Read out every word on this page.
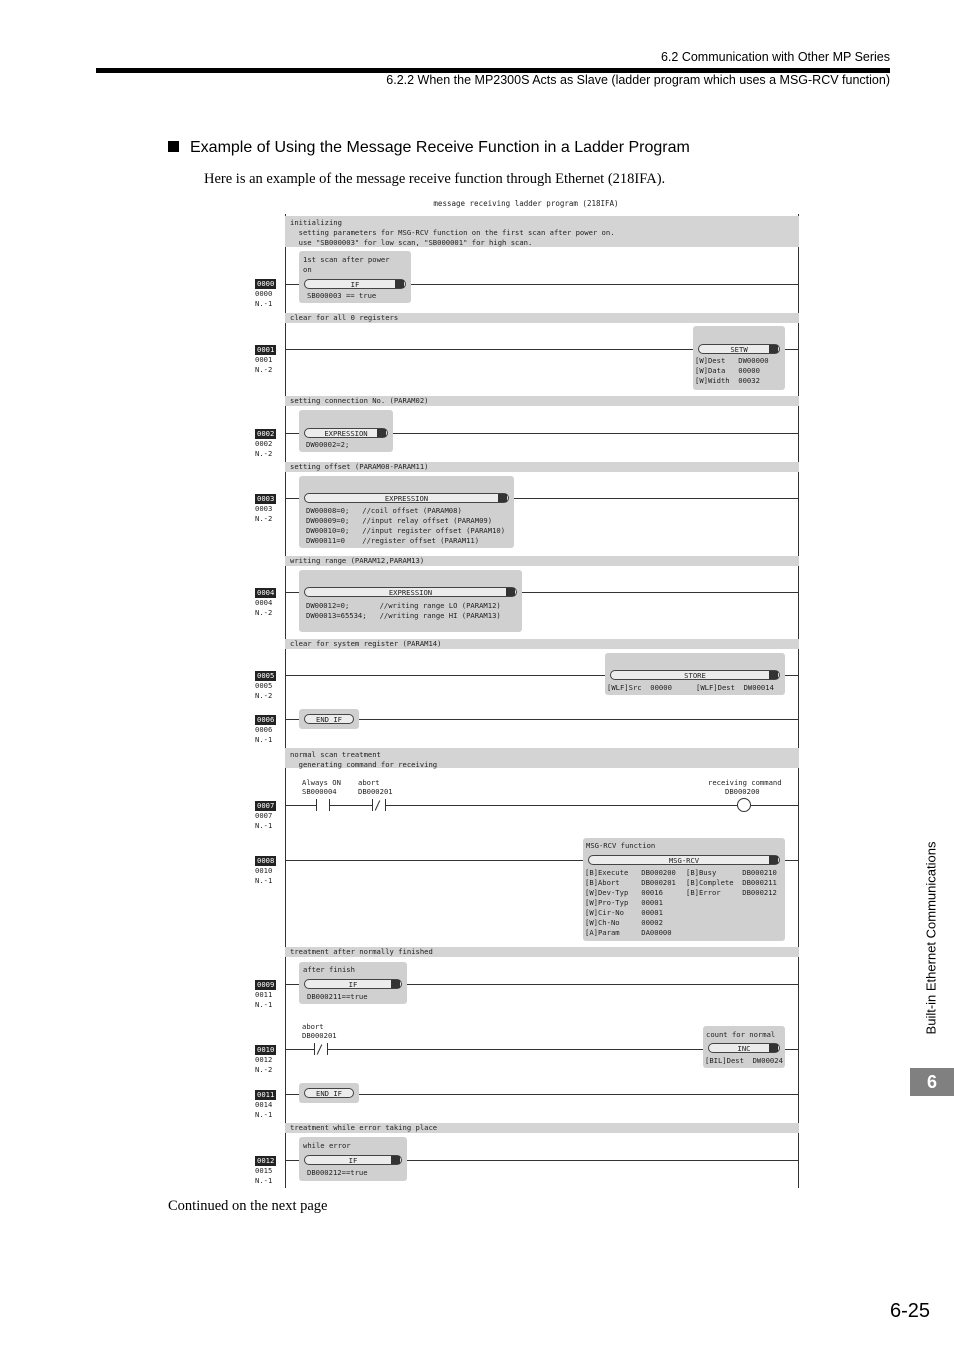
6.2 Communication with Other MP Series
6.2.2 When the MP2300S Acts as Slave (ladder program which uses a MSG-RCV function)
Example of Using the Message Receive Function in a Ladder Program
Here is an example of the message receive function through Ethernet (218IFA).
message receiving ladder program (218IFA)
initializing
setting parameters for MSG-RCV function on the first scan after power on.
use "SB000003" for low scan, "SB000001" for high scan.
clear for all 0 registers
setting connection No. (PARAM02)
setting offset (PARAM08-PARAM11)
writing range (PARAM12,PARAM13)
clear for system register (PARAM14)
normal scan treatment
generating command for receiving
treatment after normally finished
treatment while error taking place
0000
0000
N.-1
0001
0001
N.-2
0002
0002
N.-2
0003
0003
N.-2
0004
0004
N.-2
0005
0005
N.-2
0006
0006
N.-1
0007
0007
N.-1
0008
0010
N.-1
0009
0011
N.-1
0010
0012
N.-2
0011
0014
N.-1
0012
0015
N.-1
1st scan after power
on
IF
SB000003 == true
SETW
[W]Dest   DW00000
[W]Data   00000
[W]Width  00032
EXPRESSION
DW00002=2;
EXPRESSION
DW00008=0;   //coil offset (PARAM08)
DW00009=0;   //input relay offset (PARAM09)
DW00010=0;   //input register offset (PARAM10)
DW00011=0    //register offset (PARAM11)
EXPRESSION
DW00012=0;       //writing range LO (PARAM12)
DW00013=65534;   //writing range HI (PARAM13)
STORE
[WLF]Src  00000	[WLF]Dest  DW00014
END_IF
Always ON
SB000004
abort
DB000201
receiving command
DB000200
MSG-RCV function
MSG-RCV
[B]Execute   DB000200
[B]Abort     DB000201
[W]Dev-Typ   00016
[W]Pro-Typ   00001
[W]Cir-No    00001
[W]Ch-No     00002
[A]Param     DA00000
[B]Busy      DB000210
[B]Complete  DB000211
[B]Error     DB000212
after finish
IF
DB000211==true
abort
DB000201	count for normal
INC
[BIL]Dest  DW00024
END_IF
while error
IF
DB000212==true
Continued on the next page
Built-in Ethernet Communications
6
6-25
